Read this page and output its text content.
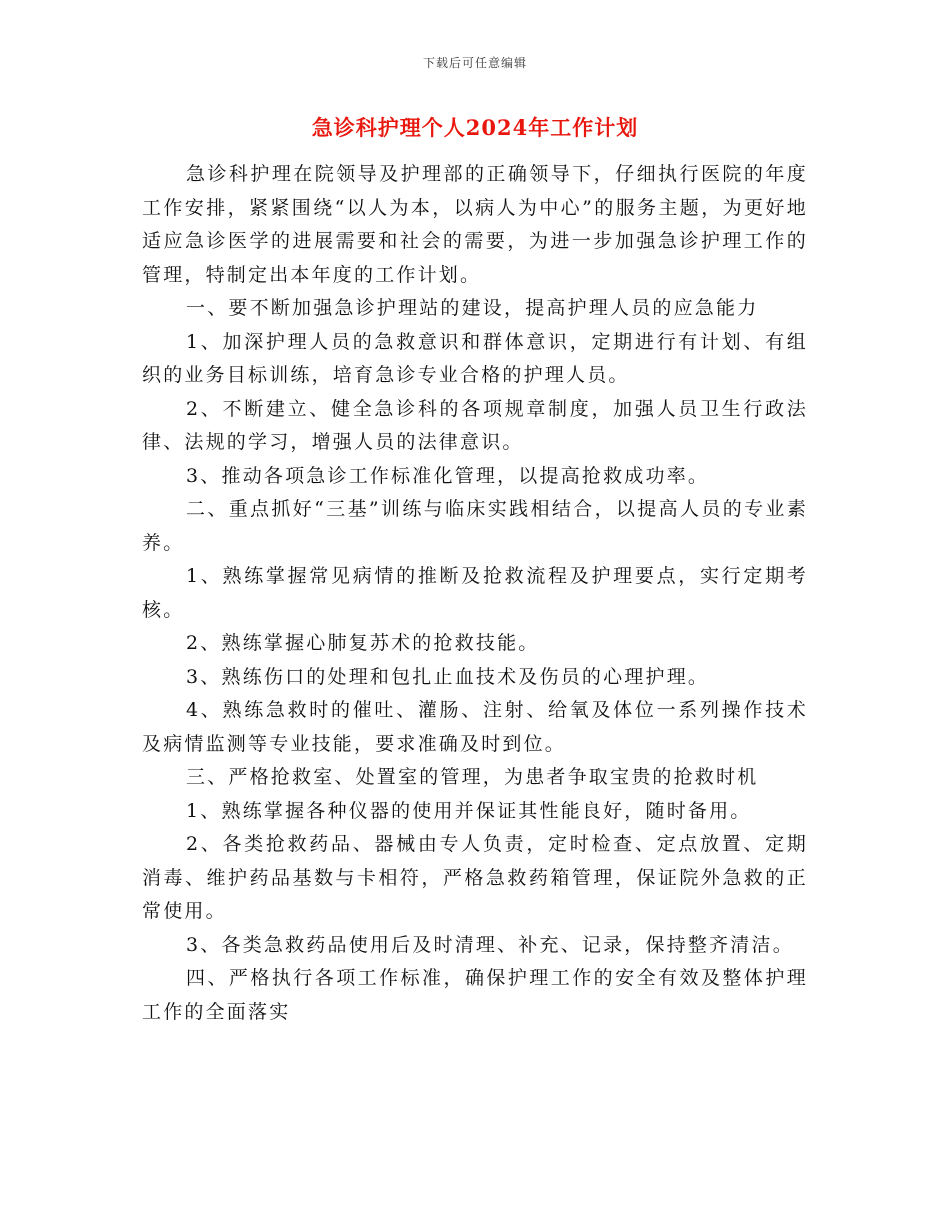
下载后可任意编辑
急诊科护理个人2024年工作计划

急诊科护理在院领导及护理部的正确领导下，仔细执行医院的年度工作安排，紧紧围绕“以人为本，以病人为中心”的服务主题，为更好地适应急诊医学的进展需要和社会的需要，为进一步加强急诊护理工作的管理，特制定出本年度的工作计划。

一、要不断加强急诊护理站的建设，提高护理人员的应急能力

1、加深护理人员的急救意识和群体意识，定期进行有计划、有组织的业务目标训练，培育急诊专业合格的护理人员。

2、不断建立、健全急诊科的各项规章制度，加强人员卫生行政法律、法规的学习，增强人员的法律意识。

3、推动各项急诊工作标准化管理，以提高抢救成功率。

二、重点抓好“三基”训练与临床实践相结合，以提高人员的专业素养。

1、熟练掌握常见病情的推断及抢救流程及护理要点，实行定期考核。

2、熟练掌握心肺复苏术的抢救技能。

3、熟练伤口的处理和包扎止血技术及伤员的心理护理。

4、熟练急救时的催吐、灌肠、注射、给氧及体位一系列操作技术及病情监测等专业技能，要求准确及时到位。

三、严格抢救室、处置室的管理，为患者争取宝贵的抢救时机

1、熟练掌握各种仪器的使用并保证其性能良好，随时备用。

2、各类抢救药品、器械由专人负责，定时检查、定点放置、定期消毒、维护药品基数与卡相符，严格急救药箱管理，保证院外急救的正常使用。

3、各类急救药品使用后及时清理、补充、记录，保持整齐清洁。

四、严格执行各项工作标准，确保护理工作的安全有效及整体护理工作的全面落实
